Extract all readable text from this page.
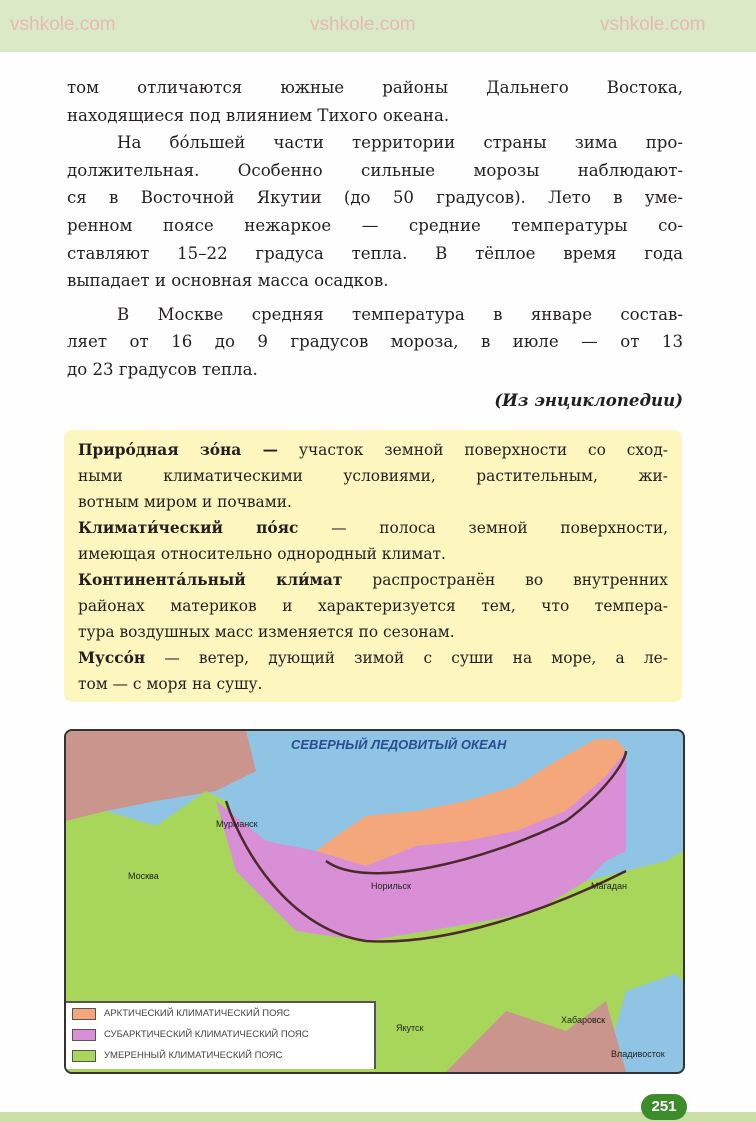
том отличаются южные районы Дальнего Востока,
находящиеся под влиянием Тихого океана.
На бо́льшей части территории страны зима про-
должительная. Особенно сильные морозы наблюдают-
ся в Восточной Якутии (до 50 градусов). Лето в уме-
ренном поясе нежаркое — средние температуры со-
ставляют 15–22 градуса тепла. В тёплое время года
выпадает и основная масса осадков.
В Москве средняя температура в январе состав-
ляет от 16 до 9 градусов мороза, в июле — от 13
до 23 градусов тепла.
(Из энциклопедии)
Приро́дная зо́на — участок земной поверхности со сход-
ными климатическими условиями, растительным, жи-
вотным миром и почвами.
Климати́ческий по́яс — полоса земной поверхности,
имеющая относительно однородный климат.
Континента́льный кли́мат распространён во внутренних
районах материков и характеризуется тем, что темпера-
тура воздушных масс изменяется по сезонам.
Муссо́н — ветер, дующий зимой с суши на море, а ле-
том — с моря на сушу.
СЕВЕРНЫЙ ЛЕДОВИТЫЙ ОКЕАН
Мурманск
Москва
Норильск	Магадан
Якутск
Хабаровск
Владивосток
АРКТИЧЕСКИЙ КЛИМАТИЧЕСКИЙ ПОЯС
СУБАРКТИЧЕСКИЙ КЛИМАТИЧЕСКИЙ ПОЯС
УМЕРЕННЫЙ КЛИМАТИЧЕСКИЙ ПОЯС
251
vshkole.com	vshkole.com	vshkole.com
